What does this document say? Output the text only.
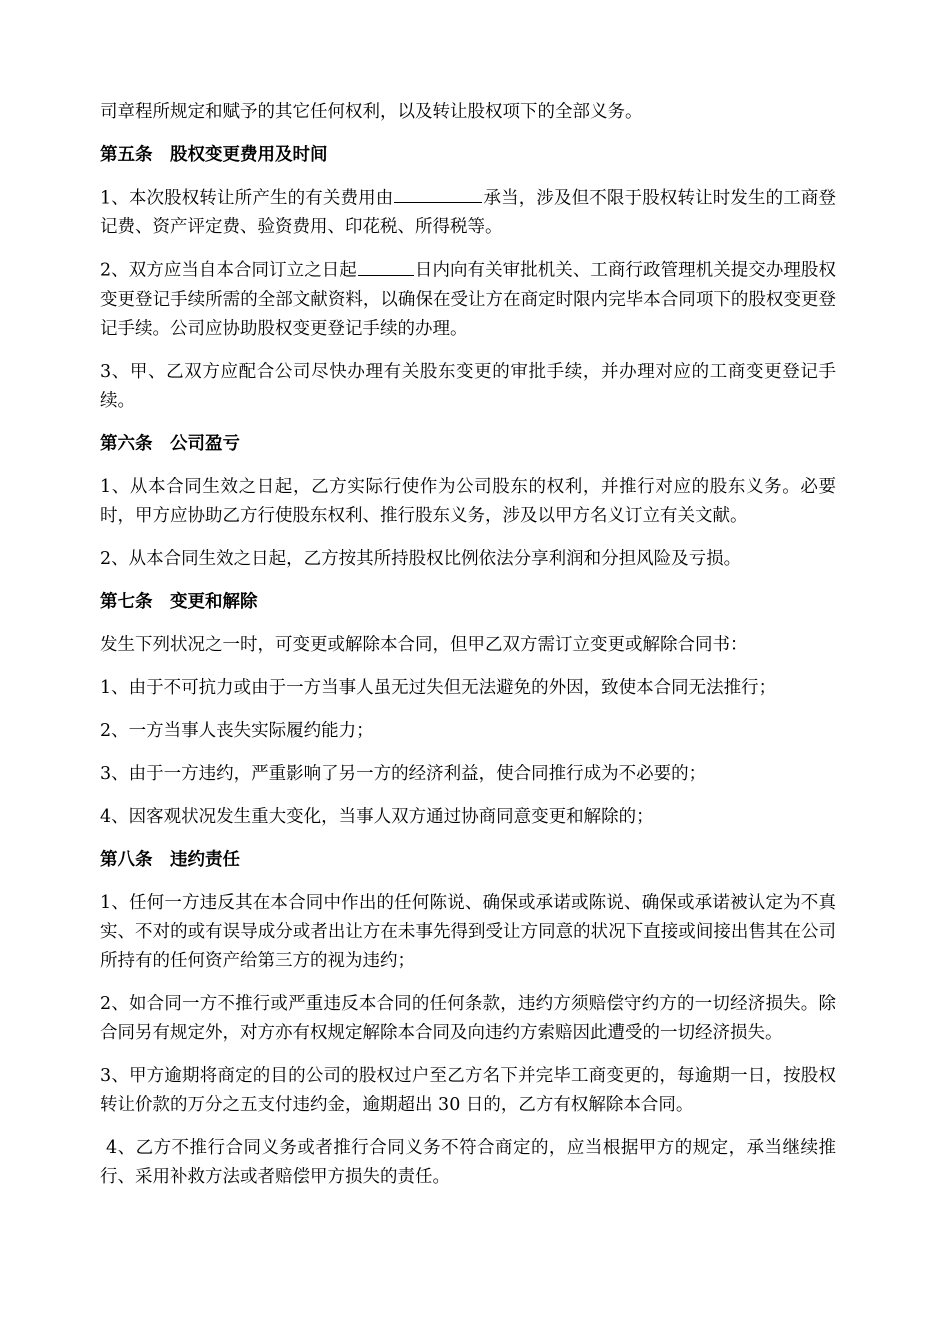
司章程所规定和赋予的其它任何权利，以及转让股权项下的全部义务。

第五条　股权变更费用及时间

1、本次股权转让所产生的有关费用由	承当，涉及但不限于股权转让时发生的工商登记费、资产评定费、验资费用、印花税、所得税等。

2、双方应当自本合同订立之日起	日内向有关审批机关、工商行政管理机关提交办理股权变更登记手续所需的全部文献资料，以确保在受让方在商定时限内完毕本合同项下的股权变更登记手续。公司应协助股权变更登记手续的办理。

3、甲、乙双方应配合公司尽快办理有关股东变更的审批手续，并办理对应的工商变更登记手续。

第六条　公司盈亏

1、从本合同生效之日起，乙方实际行使作为公司股东的权利，并推行对应的股东义务。必要时，甲方应协助乙方行使股东权利、推行股东义务，涉及以甲方名义订立有关文献。

2、从本合同生效之日起，乙方按其所持股权比例依法分享利润和分担风险及亏损。

第七条　变更和解除

发生下列状况之一时，可变更或解除本合同，但甲乙双方需订立变更或解除合同书：

1、由于不可抗力或由于一方当事人虽无过失但无法避免的外因，致使本合同无法推行；

2、一方当事人丧失实际履约能力；

3、由于一方违约，严重影响了另一方的经济利益，使合同推行成为不必要的；

4、因客观状况发生重大变化，当事人双方通过协商同意变更和解除的；

第八条　违约责任

1、任何一方违反其在本合同中作出的任何陈说、确保或承诺或陈说、确保或承诺被认定为不真实、不对的或有误导成分或者出让方在未事先得到受让方同意的状况下直接或间接出售其在公司所持有的任何资产给第三方的视为违约；

2、如合同一方不推行或严重违反本合同的任何条款，违约方须赔偿守约方的一切经济损失。除合同另有规定外，对方亦有权规定解除本合同及向违约方索赔因此遭受的一切经济损失。

3、甲方逾期将商定的目的公司的股权过户至乙方名下并完毕工商变更的，每逾期一日，按股权转让价款的万分之五支付违约金，逾期超出 30 日的，乙方有权解除本合同。

4、乙方不推行合同义务或者推行合同义务不符合商定的，应当根据甲方的规定，承当继续推行、采用补救方法或者赔偿甲方损失的责任。
